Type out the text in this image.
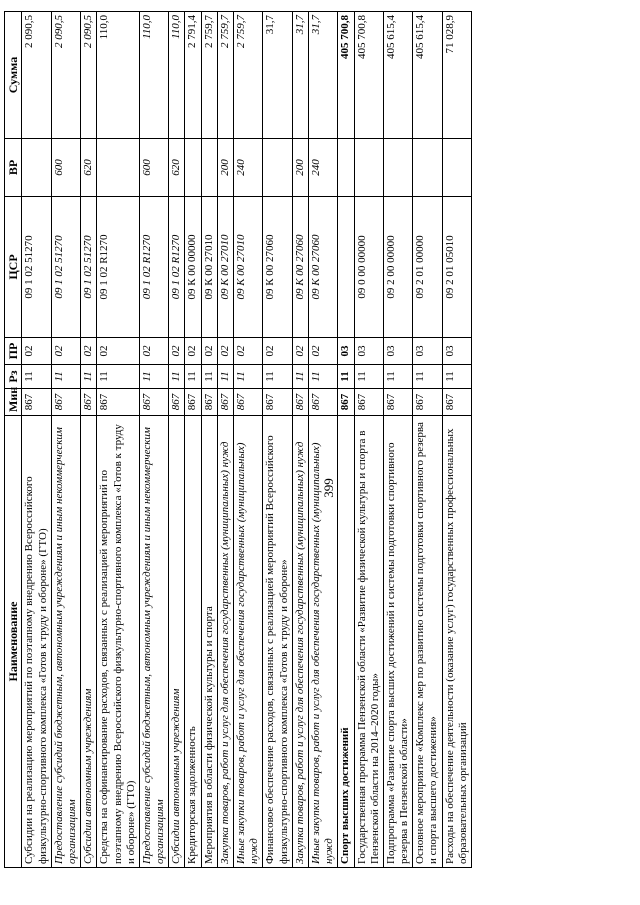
399
Наименование	Мин	Рз	ПР	ЦСР	ВР	Сумма
Субсидии на реализацию мероприятий по поэтапному внедрению Всероссийского физкультурно-спортивного комплекса «Готов к труду и обороне» (ГТО)	867	11	02	09 1 02 51270		2 090,5
Предоставление субсидий бюджетным, автономным учреждениям и иным некоммерческим организациям	867	11	02	09 1 02 51270	600	2 090,5
Субсидии автономным учреждениям	867	11	02	09 1 02 51270	620	2 090,5
Средства на софинансирование расходов, связанных с реализацией мероприятий по поэтапному внедрению Всероссийского физкультурно-спортивного комплекса «Готов к труду и обороне» (ГТО)	867	11	02	09 1 02 R1270		110,0
Предоставление субсидий бюджетным, автономным учреждениям и иным некоммерческим организациям	867	11	02	09 1 02 R1270	600	110,0
Субсидии автономным учреждениям	867	11	02	09 1 02 R1270	620	110,0
Кредиторская задолженность	867	11	02	09 К 00 00000		2 791,4
Мероприятия в области физической культуры и спорта	867	11	02	09 К 00 27010		2 759,7
Закупка товаров, работ и услуг для обеспечения государственных (муниципальных) нужд	867	11	02	09 К 00 27010	200	2 759,7
Иные закупки товаров, работ и услуг для обеспечения государственных (муниципальных) нужд	867	11	02	09 К 00 27010	240	2 759,7
Финансовое обеспечение расходов, связанных с реализацией мероприятий Всероссийского физкультурно-спортивного комплекса «Готов к труду и обороне»	867	11	02	09 К 00 27060		31,7
Закупка товаров, работ и услуг для обеспечения государственных (муниципальных) нужд	867	11	02	09 К 00 27060	200	31,7
Иные закупки товаров, работ и услуг для обеспечения государственных (муниципальных) нужд	867	11	02	09 К 00 27060	240	31,7
Спорт высших достижений	867	11	03			405 700,8
Государственная программа Пензенской области «Развитие физической культуры и спорта в Пензенской области на 2014–2020 годы»	867	11	03	09 0 00 00000		405 700,8
Подпрограмма «Развитие спорта высших достижений и системы подготовки спортивного резерва в Пензенской области»	867	11	03	09 2 00 00000		405 615,4
Основное мероприятие «Комплекс мер по развитию системы подготовки спортивного резерва и спорта высшего достижения»	867	11	03	09 2 01 00000		405 615,4
Расходы на обеспечение деятельности (оказание услуг) государственных профессиональных образовательных организаций	867	11	03	09 2 01 05010		71 028,9
